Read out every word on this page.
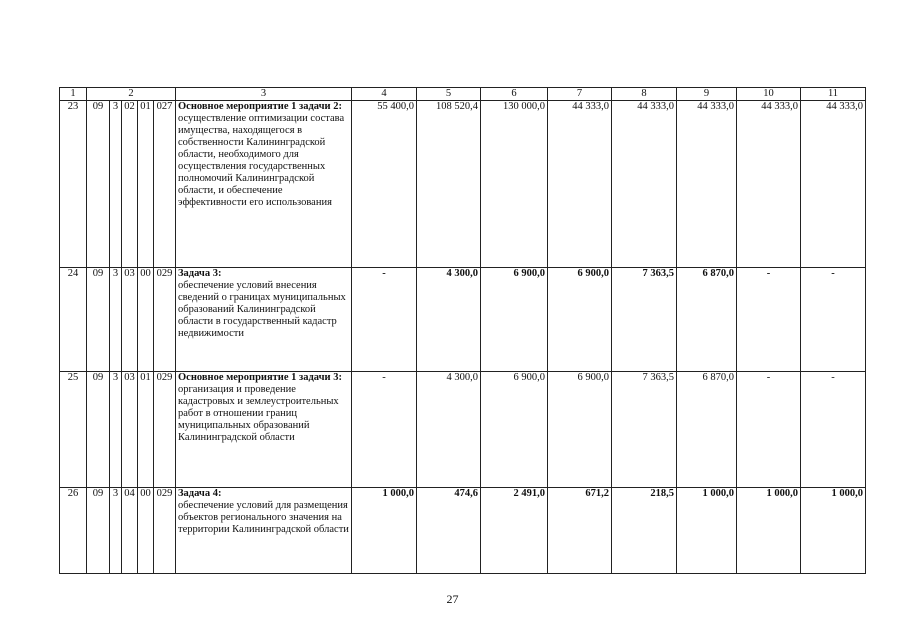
1	2					3	4	5	6	7	8	9	10	11
23	09	3	02	01	027	Основное мероприятие 1 задачи 2:
осуществление оптимизации состава имущества, находящегося в собственности Калининградской области, необходимого для осуществления государственных полномочий Калининградской области, и обеспечение эффективности его использования	55 400,0	108 520,4	130 000,0	44 333,0	44 333,0	44 333,0	44 333,0	44 333,0
24	09	3	03	00	029	Задача 3:
обеспечение условий внесения сведений о границах муниципальных образований Калининградской области в государственный кадастр недвижимости	-	4 300,0	6 900,0	6 900,0	7 363,5	6 870,0	-	-
25	09	3	03	01	029	Основное мероприятие 1 задачи 3:
организация и проведение кадастровых и землеустроительных работ в отношении границ муниципальных образований Калининградской области	-	4 300,0	6 900,0	6 900,0	7 363,5	6 870,0	-	-
26	09	3	04	00	029	Задача 4:
обеспечение условий для размещения объектов регионального значения на территории Калининградской области	1 000,0	474,6	2 491,0	671,2	218,5	1 000,0	1 000,0	1 000,0
27
